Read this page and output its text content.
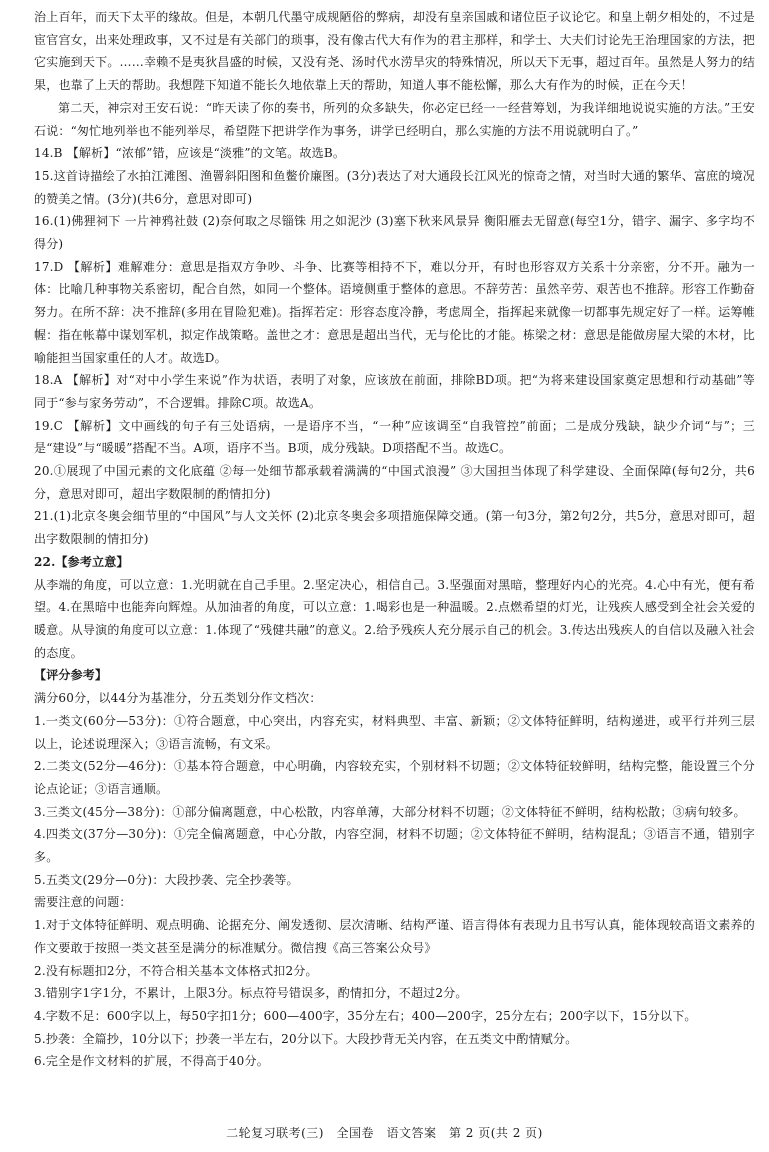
治上百年，而天下太平的缘故。但是，本朝几代墨守成规陋俗的弊病，却没有皇亲国戚和诸位臣子议论它。和皇上朝夕相处的，不过是宦官宫女，出来处理政事，又不过是有关部门的琐事，没有像古代大有作为的君主那样，和学士、大夫们讨论先王治理国家的方法，把它实施到天下。……幸赖不是夷狄昌盛的时候，又没有尧、汤时代水涝旱灾的特殊情况，所以天下无事，超过百年。虽然是人努力的结果，也靠了上天的帮助。我想陛下知道不能长久地依靠上天的帮助，知道人事不能松懈，那么大有作为的时候，正在今天！

第二天，神宗对王安石说：“昨天读了你的奏书，所列的众多缺失，你必定已经一一经营筹划，为我详细地说说实施的方法。”王安石说：“匆忙地列举也不能列举尽，希望陛下把讲学作为事务，讲学已经明白，那么实施的方法不用说就明白了。”

14.B 【解析】“浓郁”错，应该是“淡雅”的文笔。故选B。

15.这首诗描绘了水拍江滩图、渔罾斜阳图和鱼鳖价廉图。(3分)表达了对大通段长江风光的惊奇之情，对当时大通的繁华、富庶的境况的赞美之情。(3分)(共6分，意思对即可)

16.(1)佛狸祠下 一片神鸦社鼓 (2)奈何取之尽锱铢 用之如泥沙 (3)塞下秋来风景异 衡阳雁去无留意(每空1分，错字、漏字、多字均不得分)

17.D 【解析】难解难分：意思是指双方争吵、斗争、比赛等相持不下，难以分开，有时也形容双方关系十分亲密，分不开。融为一体：比喻几种事物关系密切，配合自然，如同一个整体。语境侧重于整体的意思。不辞劳苦：虽然辛劳、艰苦也不推辞。形容工作勤奋努力。在所不辞：决不推辞(多用在冒险犯难)。指挥若定：形容态度冷静，考虑周全，指挥起来就像一切都事先规定好了一样。运筹帷幄：指在帐幕中谋划军机，拟定作战策略。盖世之才：意思是超出当代，无与伦比的才能。栋梁之材：意思是能做房屋大梁的木材，比喻能担当国家重任的人才。故选D。

18.A 【解析】对“对中小学生来说”作为状语，表明了对象，应该放在前面，排除BD项。把“为将来建设国家奠定思想和行动基础”等同于“参与家务劳动”，不合逻辑。排除C项。故选A。

19.C 【解析】文中画线的句子有三处语病，一是语序不当，“一种”应该调至“自我管控”前面；二是成分残缺，缺少介词“与”；三是“建设”与“暖暖”搭配不当。A项，语序不当。B项，成分残缺。D项搭配不当。故选C。

20.①展现了中国元素的文化底蕴 ②每一处细节都承载着满满的“中国式浪漫” ③大国担当体现了科学建设、全面保障(每句2分，共6分，意思对即可，超出字数限制的酌情扣分)

21.(1)北京冬奥会细节里的“中国风”与人文关怀 (2)北京冬奥会多项措施保障交通。(第一句3分，第2句2分，共5分，意思对即可，超出字数限制的情扣分)

22.【参考立意】

从李端的角度，可以立意：1.光明就在自己手里。2.坚定决心，相信自己。3.坚强面对黑暗，整理好内心的光亮。4.心中有光，便有希望。4.在黑暗中也能奔向辉煌。从加油者的角度，可以立意：1.喝彩也是一种温暖。2.点燃希望的灯光，让残疾人感受到全社会关爱的暖意。从导演的角度可以立意：1.体现了“残健共融”的意义。2.给予残疾人充分展示自己的机会。3.传达出残疾人的自信以及融入社会的态度。

【评分参考】

满分60分，以44分为基准分，分五类划分作文档次：

1.一类文(60分—53分)：①符合题意，中心突出，内容充实，材料典型、丰富、新颖；②文体特征鲜明，结构递进，或平行并列三层以上，论述说理深入；③语言流畅，有文采。

2.二类文(52分—46分)：①基本符合题意，中心明确，内容较充实，个别材料不切题；②文体特征较鲜明，结构完整，能设置三个分论点论证；③语言通顺。

3.三类文(45分—38分)：①部分偏离题意，中心松散，内容单薄，大部分材料不切题；②文体特征不鲜明，结构松散；③病句较多。

4.四类文(37分—30分)：①完全偏离题意，中心分散，内容空洞，材料不切题；②文体特征不鲜明，结构混乱；③语言不通，错别字多。

5.五类文(29分—0分)：大段抄袭、完全抄袭等。

需要注意的问题：

1.对于文体特征鲜明、观点明确、论据充分、阐发透彻、层次清晰、结构严谨、语言得体有表现力且书写认真，能体现较高语文素养的作文要敢于按照一类文甚至是满分的标准赋分。微信搜《高三答案公众号》

2.没有标题扣2分，不符合相关基本文体格式扣2分。

3.错别字1字1分，不累计，上限3分。标点符号错误多，酌情扣分，不超过2分。

4.字数不足：600字以上，每50字扣1分；600—400字，35分左右；400—200字，25分左右；200字以下，15分以下。

5.抄袭：全篇抄，10分以下；抄袭一半左右，20分以下。大段抄背无关内容，在五类文中酌情赋分。

6.完全是作文材料的扩展，不得高于40分。

二轮复习联考(三)　全国卷　语文答案　第 2 页(共 2 页)
